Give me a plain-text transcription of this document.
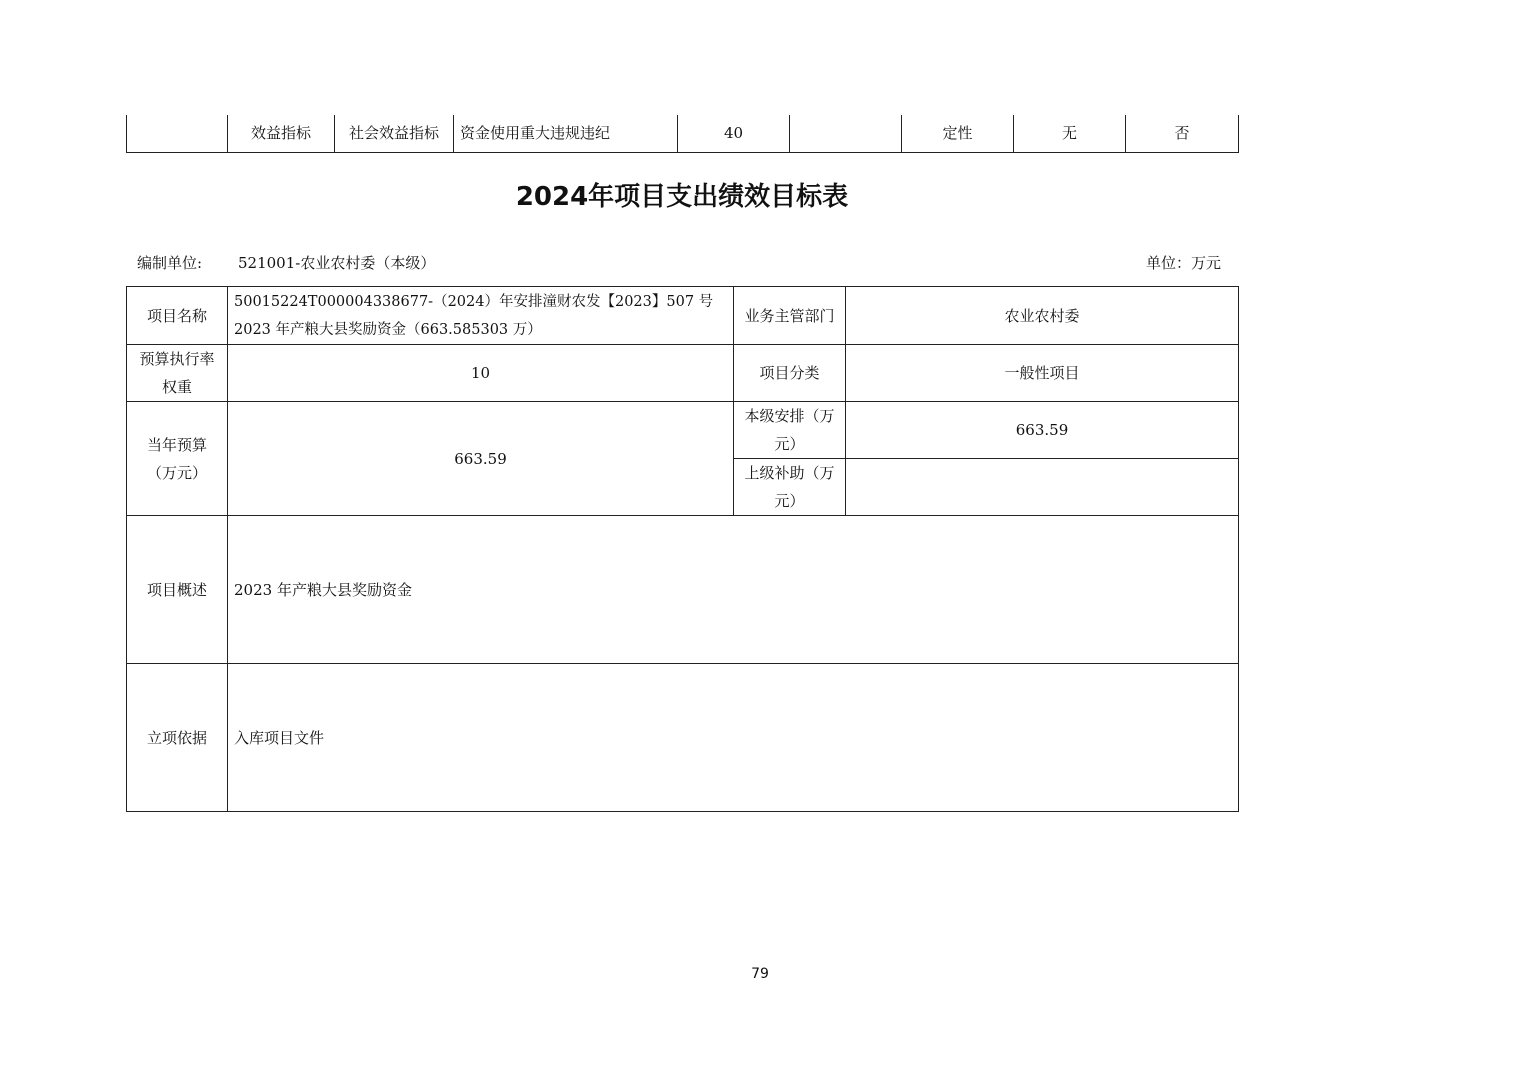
	效益指标	社会效益指标	资金使用重大违规违纪	40		定性	无	否
2024年项目支出绩效目标表
编制单位: 521001-农业农村委（本级）	单位：万元
项目名称	50015224T000004338677-（2024）年安排潼财农发【2023】507 号 2023 年产粮大县奖励资金（663.585303 万）	业务主管部门	农业农村委
预算执行率权重	10	项目分类	一般性项目
当年预算（万元）	663.59	本级安排（万元）	663.59
		上级补助（万元）	
项目概述	2023 年产粮大县奖励资金		
立项依据	入库项目文件		
79
